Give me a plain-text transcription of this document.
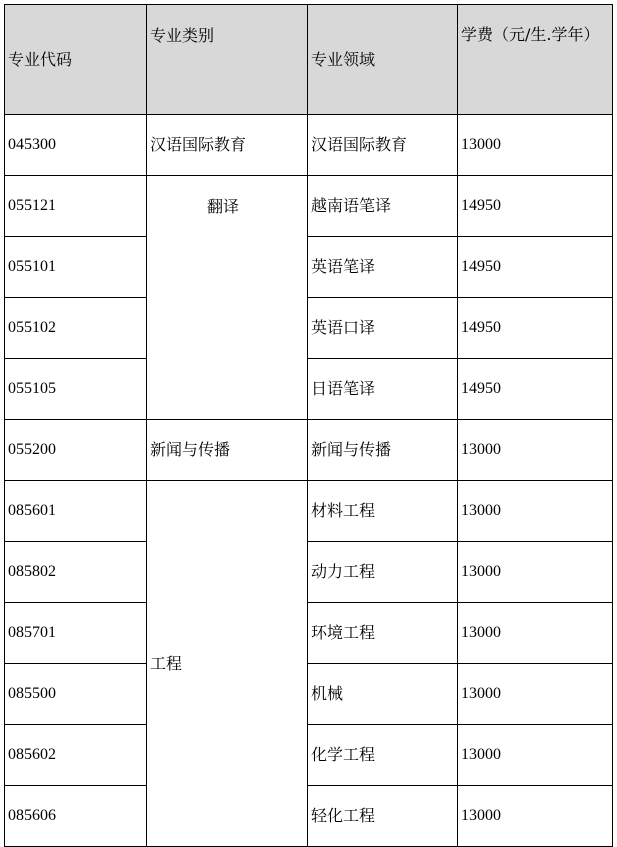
专业代码	专业类别	专业领域	学费（元/生.学年）
045300	汉语国际教育	汉语国际教育	13000
055121	翻译	越南语笔译	14950
055101		英语笔译	14950
055102		英语口译	14950
055105		日语笔译	14950
055200	新闻与传播	新闻与传播	13000
085601	工程	材料工程	13000
085802		动力工程	13000
085701		环境工程	13000
085500		机械	13000
085602		化学工程	13000
085606		轻化工程	13000
